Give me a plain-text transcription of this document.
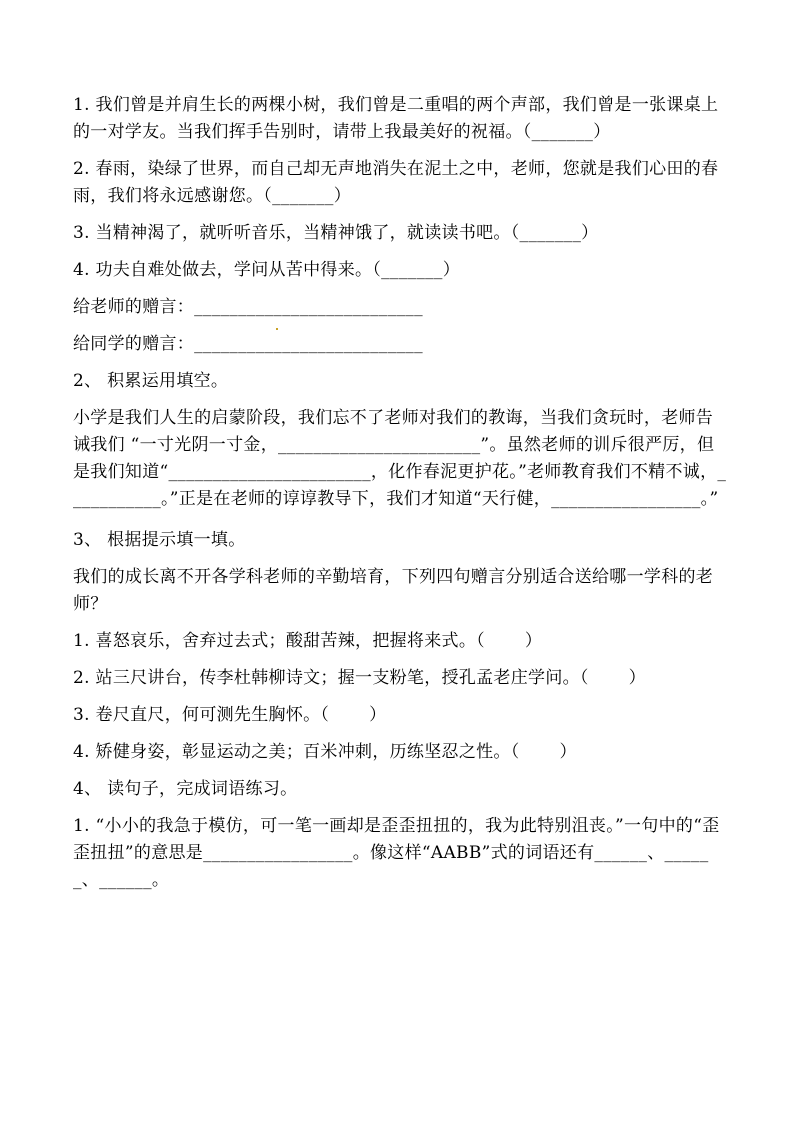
1. 我们曾是并肩生长的两棵小树，我们曾是二重唱的两个声部，我们曾是一张课桌上的一对学友。当我们挥手告别时，请带上我最美好的祝福。（_______）

2. 春雨，染绿了世界，而自己却无声地消失在泥土之中，老师，您就是我们心田的春雨，我们将永远感谢您。（_______）

3. 当精神渴了，就听听音乐，当精神饿了，就读读书吧。（_______）

4. 功夫自难处做去，学问从苦中得来。（_______）

给老师的赠言：__________________________

给同学的赠言：__________________________

2、 积累运用填空。

小学是我们人生的启蒙阶段，我们忘不了老师对我们的教诲，当我们贪玩时，老师告诫我们 “一寸光阴一寸金，_______________________”。虽然老师的训斥很严厉，但是我们知道“_______________________，化作春泥更护花。”老师教育我们不精不诚，___________。”正是在老师的谆谆教导下，我们才知道“天行健，_________________。”

3、 根据提示填一填。

我们的成长离不开各学科老师的辛勤培育，下列四句赠言分别适合送给哪一学科的老师？

1. 喜怒哀乐，舍弃过去式；酸甜苦辣，把握将来式。（       ）

2. 站三尺讲台，传李杜韩柳诗文；握一支粉笔，授孔孟老庄学问。（       ）

3. 卷尺直尺，何可测先生胸怀。（       ）

4. 矫健身姿，彰显运动之美；百米冲刺，历练坚忍之性。（       ）

4、 读句子，完成词语练习。

1. “小小的我急于模仿，可一笔一画却是歪歪扭扭的，我为此特别沮丧。”一句中的“歪歪扭扭”的意思是_________________。像这样“AABB”式的词语还有______、______、______。
